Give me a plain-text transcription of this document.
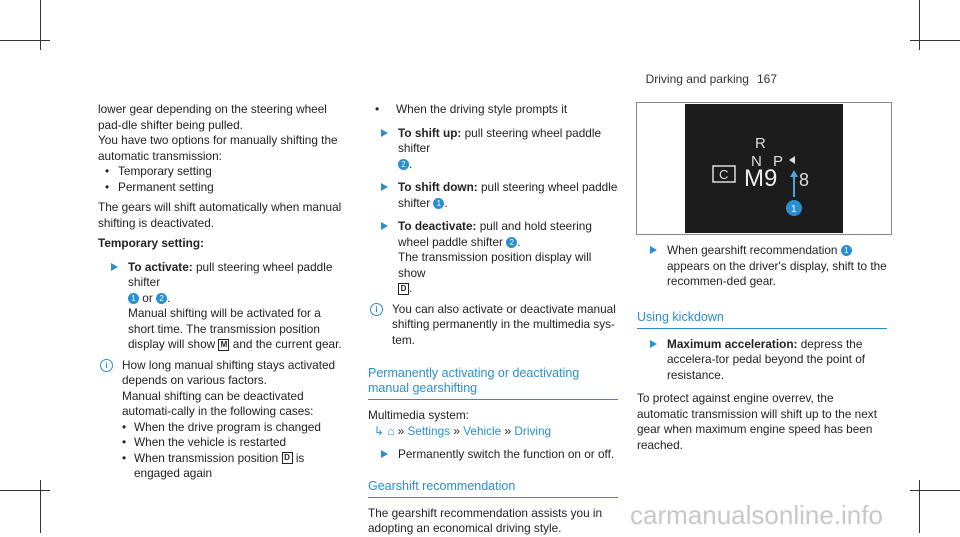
Driving and parking 167

lower gear depending on the steering wheel pad-dle shifter being pulled.

You have two options for manually shifting the automatic transmission:

• Temporary setting

• Permanent setting

The gears will shift automatically when manual shifting is deactivated.

Temporary setting:

To activate: pull steering wheel paddle shifter
1 or 2 .
Manual shifting will be activated for a short time. The transmission position display will show M and the current gear.

i	How long manual shifting stays activated depends on various factors.

Manual shifting can be deactivated automati-cally in the following cases:

• When the drive program is changed

• When the vehicle is restarted

• When transmission position D is engaged again

• When the driving style prompts it

To shift up: pull steering wheel paddle shifter
2 .

To shift down: pull steering wheel paddle shifter 1 .

To deactivate: pull and hold steering wheel paddle shifter 2 .
The transmission position display will show
D .

i	You can also activate or deactivate manual shifting permanently in the multimedia sys-tem.

Permanently activating or deactivating manual gearshifting

Multimedia system:

↳ ⌂ » Settings » Vehicle » Driving

Permanently switch the function on or off.

Gearshift recommendation

The gearshift recommendation assists you in adopting an economical driving style.

R
N P
C M9 8
1

When gearshift recommendation 1 appears on the driver's display, shift to the recommen-ded gear.

Using kickdown

Maximum acceleration: depress the accelera-tor pedal beyond the point of resistance.

To protect against engine overrev, the automatic transmission will shift up to the next gear when maximum engine speed has been reached.

carmanualsonline.info
